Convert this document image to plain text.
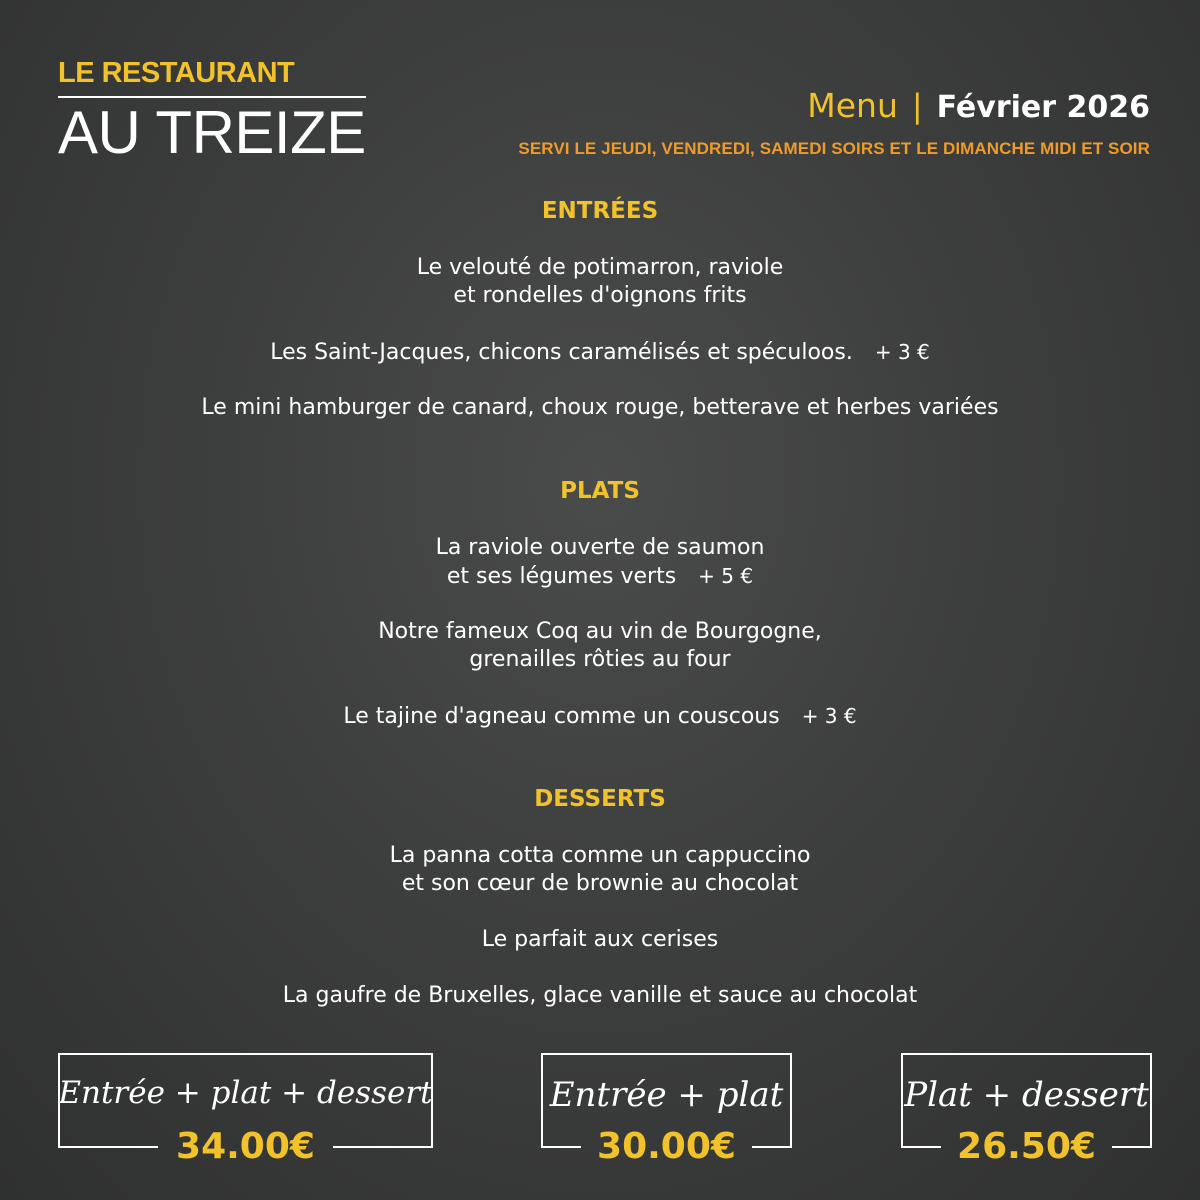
LE RESTAURANT
AU TREIZE	Menu | Février 2026
SERVI LE JEUDI, VENDREDI, SAMEDI SOIRS ET LE DIMANCHE MIDI ET SOIR
ENTRÉES
Le velouté de potimarron, raviole
et rondelles d'oignons frits
Les Saint-Jacques, chicons caramélisés et spéculoos. + 3 €
Le mini hamburger de canard, choux rouge, betterave et herbes variées
PLATS
La raviole ouverte de saumon
et ses légumes verts + 5 €
Notre fameux Coq au vin de Bourgogne,
grenailles rôties au four
Le tajine d'agneau comme un couscous + 3 €
DESSERTS
La panna cotta comme un cappuccino
et son cœur de brownie au chocolat
Le parfait aux cerises
La gaufre de Bruxelles, glace vanille et sauce au chocolat
Entrée + plat + dessert
34.00€
Entrée + plat
30.00€
Plat + dessert
26.50€
